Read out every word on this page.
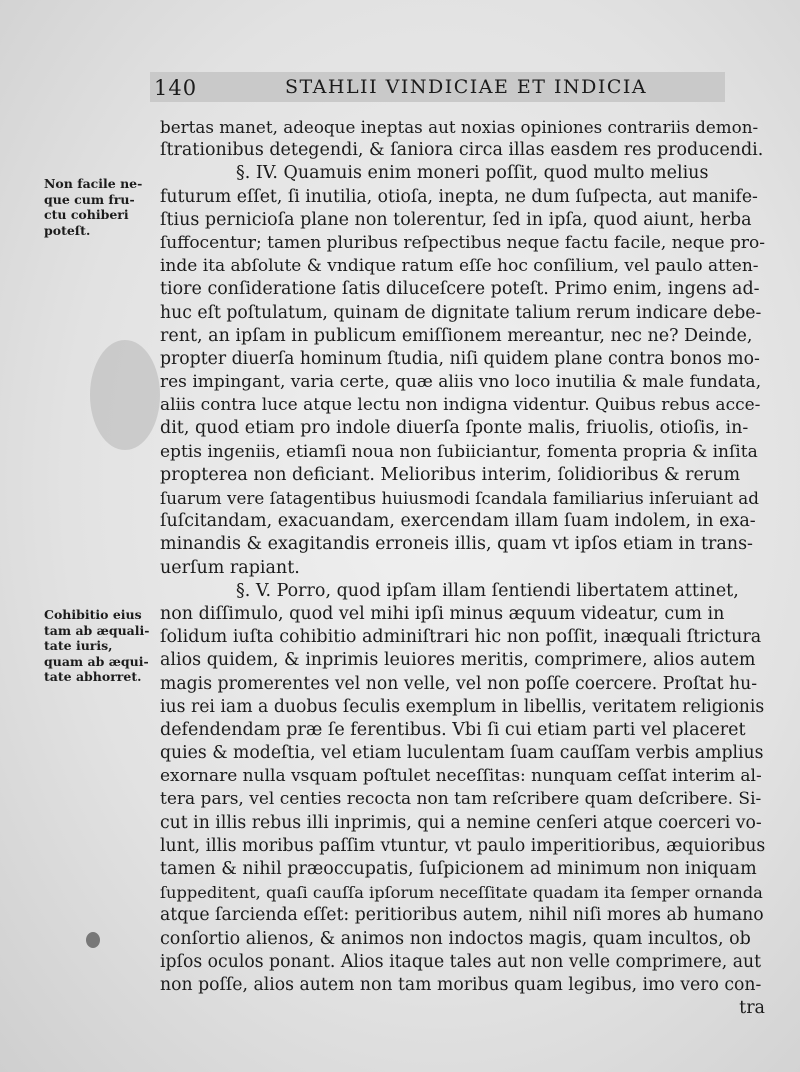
140	STAHLII VINDICIAE ET INDICIA
Non facile ne-
que cum fru-
ctu cohiberi
poteſt.
Cohibitio eius
tam ab æquali-
tate iuris,
quam ab æqui-
tate abhorret.
bertas manet, adeoque ineptas aut noxias opiniones contrariis demon-
ſtrationibus detegendi, & ſaniora circa illas easdem res producendi.
§. IV. Quamuis enim moneri poſſit, quod multo melius
futurum eſſet, ſi inutilia, otioſa, inepta, ne dum ſuſpecta, aut manife-
ſtius pernicioſa plane non tolerentur, ſed in ipſa, quod aiunt, herba
ſuffocentur; tamen pluribus reſpectibus neque factu facile, neque pro-
inde ita abſolute & vndique ratum eſſe hoc conſilium, vel paulo atten-
tiore conſideratione ſatis diluceſcere poteſt. Primo enim, ingens ad-
huc eſt poſtulatum, quinam de dignitate talium rerum indicare debe-
rent, an ipſam in publicum emiſſionem mereantur, nec ne? Deinde,
propter diuerſa hominum ſtudia, niſi quidem plane contra bonos mo-
res impingant, varia certe, quæ aliis vno loco inutilia & male fundata,
aliis contra luce atque lectu non indigna videntur. Quibus rebus acce-
dit, quod etiam pro indole diuerſa ſponte malis, friuolis, otioſis, in-
eptis ingeniis, etiamſi noua non ſubiiciantur, fomenta propria & inſita
propterea non deficiant. Melioribus interim, ſolidioribus & rerum
ſuarum vere ſatagentibus huiusmodi ſcandala familiarius inſeruiant ad
ſuſcitandam, exacuandam, exercendam illam ſuam indolem, in exa-
minandis & exagitandis erroneis illis, quam vt ipſos etiam in trans-
uerſum rapiant.
§. V. Porro, quod ipſam illam ſentiendi libertatem attinet,
non diſſimulo, quod vel mihi ipſi minus æquum videatur, cum in
ſolidum iuſta cohibitio adminiſtrari hic non poſſit, inæquali ſtrictura
alios quidem, & inprimis leuiores meritis, comprimere, alios autem
magis promerentes vel non velle, vel non poſſe coercere. Proſtat hu-
ius rei iam a duobus ſeculis exemplum in libellis, veritatem religionis
defendendam præ ſe ferentibus. Vbi ſi cui etiam parti vel placeret
quies & modeſtia, vel etiam luculentam ſuam cauſſam verbis amplius
exornare nulla vsquam poſtulet neceſſitas: nunquam ceſſat interim al-
tera pars, vel centies recocta non tam reſcribere quam deſcribere. Si-
cut in illis rebus illi inprimis, qui a nemine cenſeri atque coerceri vo-
lunt, illis moribus paſſim vtuntur, vt paulo imperitioribus, æquioribus
tamen & nihil præoccupatis, ſuſpicionem ad minimum non iniquam
ſuppeditent, quaſi cauſſa ipſorum neceſſitate quadam ita ſemper ornanda
atque ſarcienda eſſet: peritioribus autem, nihil niſi mores ab humano
conſortio alienos, & animos non indoctos magis, quam incultos, ob
ipſos oculos ponant. Alios itaque tales aut non velle comprimere, aut
non poſſe, alios autem non tam moribus quam legibus, imo vero con-
tra
